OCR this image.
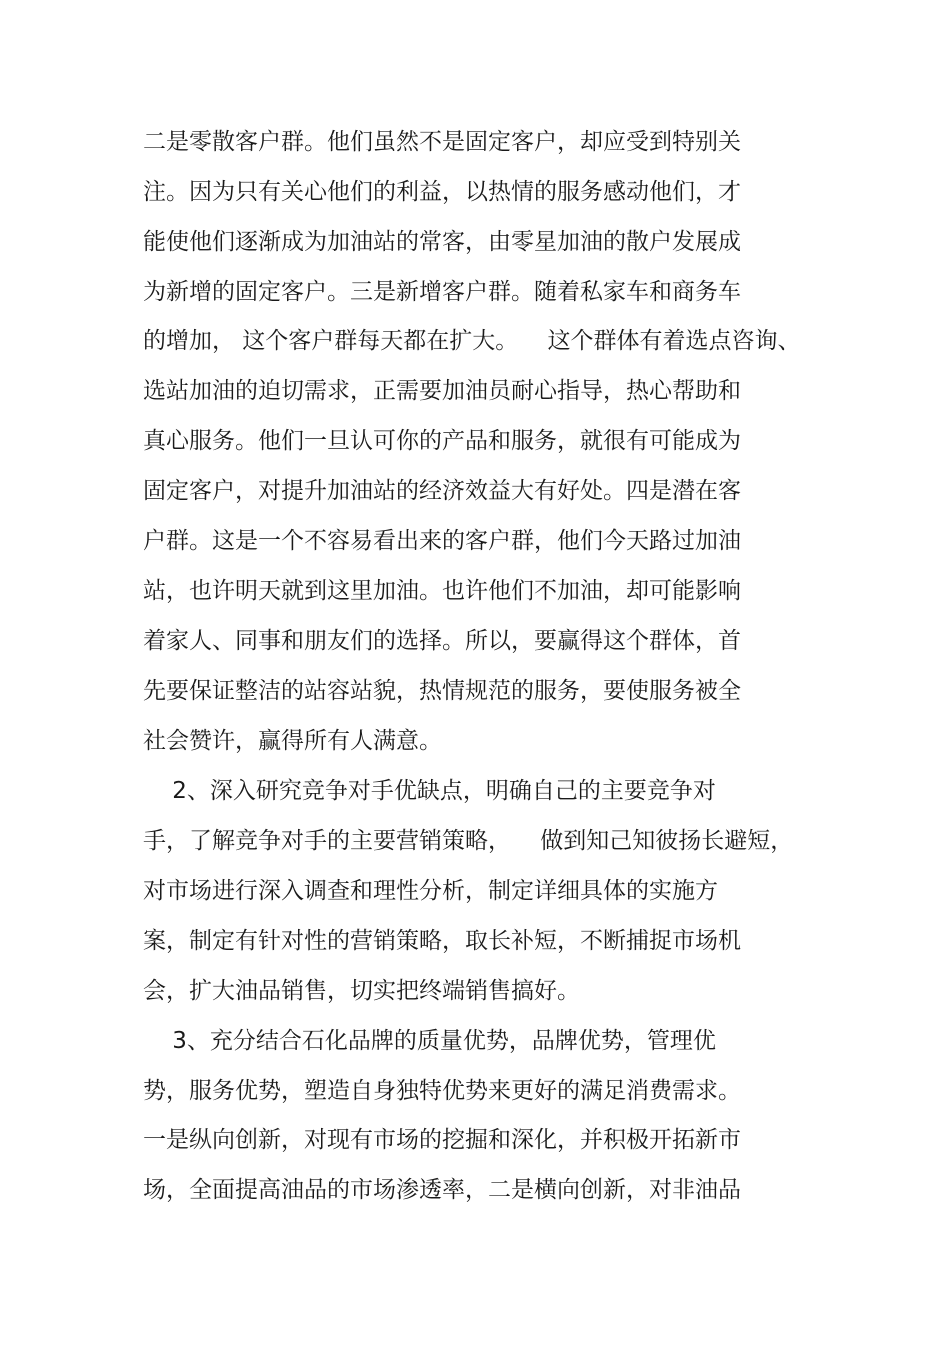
二是零散客户群。他们虽然不是固定客户，却应受到特别关

注。因为只有关心他们的利益，以热情的服务感动他们，才

能使他们逐渐成为加油站的常客，由零星加油的散户发展成

为新增的固定客户。三是新增客户群。随着私家车和商务车

的增加， 这个客户群每天都在扩大。    这个群体有着选点咨询、

选站加油的迫切需求，正需要加油员耐心指导，热心帮助和

真心服务。他们一旦认可你的产品和服务，就很有可能成为

固定客户，对提升加油站的经济效益大有好处。四是潜在客

户群。这是一个不容易看出来的客户群，他们今天路过加油

站，也许明天就到这里加油。也许他们不加油，却可能影响

着家人、同事和朋友们的选择。所以，要赢得这个群体，首

先要保证整洁的站容站貌，热情规范的服务，要使服务被全

社会赞许，赢得所有人满意。

2、深入研究竞争对手优缺点，明确自己的主要竞争对

手，了解竞争对手的主要营销策略，    做到知己知彼扬长避短，

对市场进行深入调查和理性分析，制定详细具体的实施方

案，制定有针对性的营销策略，取长补短，不断捕捉市场机

会，扩大油品销售，切实把终端销售搞好。

3、充分结合石化品牌的质量优势，品牌优势，管理优

势，服务优势，塑造自身独特优势来更好的满足消费需求。

一是纵向创新，对现有市场的挖掘和深化，并积极开拓新市

场，全面提高油品的市场渗透率，二是横向创新，对非油品
